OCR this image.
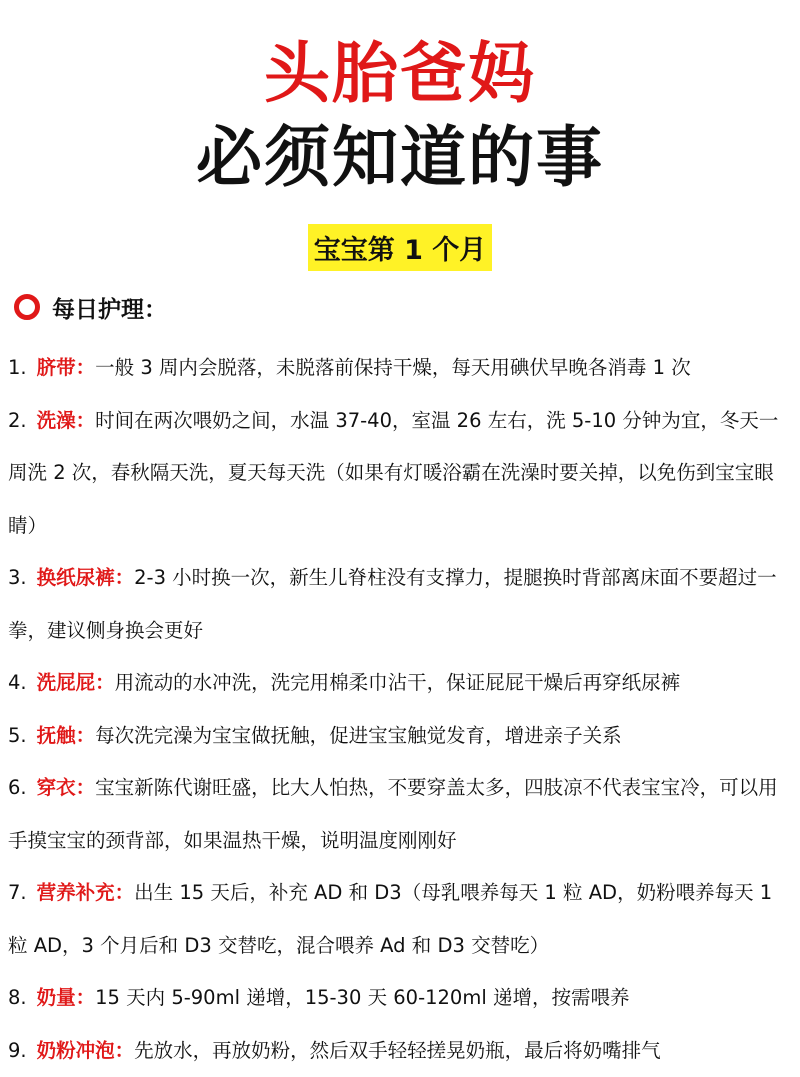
头胎爸妈
必须知道的事
宝宝第 1 个月
每日护理：

1. 脐带：一般 3 周内会脱落，未脱落前保持干燥，每天用碘伏早晚各消毒 1 次

2. 洗澡：时间在两次喂奶之间，水温 37-40，室温 26 左右，洗 5-10 分钟为宜，冬天一周洗 2 次，春秋隔天洗，夏天每天洗（如果有灯暖浴霸在洗澡时要关掉，以免伤到宝宝眼睛）

3. 换纸尿裤：2-3 小时换一次，新生儿脊柱没有支撑力，提腿换时背部离床面不要超过一拳，建议侧身换会更好

4. 洗屁屁：用流动的水冲洗，洗完用棉柔巾沾干，保证屁屁干燥后再穿纸尿裤

5. 抚触：每次洗完澡为宝宝做抚触，促进宝宝触觉发育，增进亲子关系

6. 穿衣：宝宝新陈代谢旺盛，比大人怕热，不要穿盖太多，四肢凉不代表宝宝冷，可以用手摸宝宝的颈背部，如果温热干燥，说明温度刚刚好

7. 营养补充：出生 15 天后，补充 AD 和 D3（母乳喂养每天 1 粒 AD，奶粉喂养每天 1 粒 AD，3 个月后和 D3 交替吃，混合喂养 Ad 和 D3 交替吃）

8. 奶量：15 天内 5-90ml 递增，15-30 天 60-120ml 递增，按需喂养

9. 奶粉冲泡：先放水，再放奶粉，然后双手轻轻搓晃奶瓶，最后将奶嘴排气
